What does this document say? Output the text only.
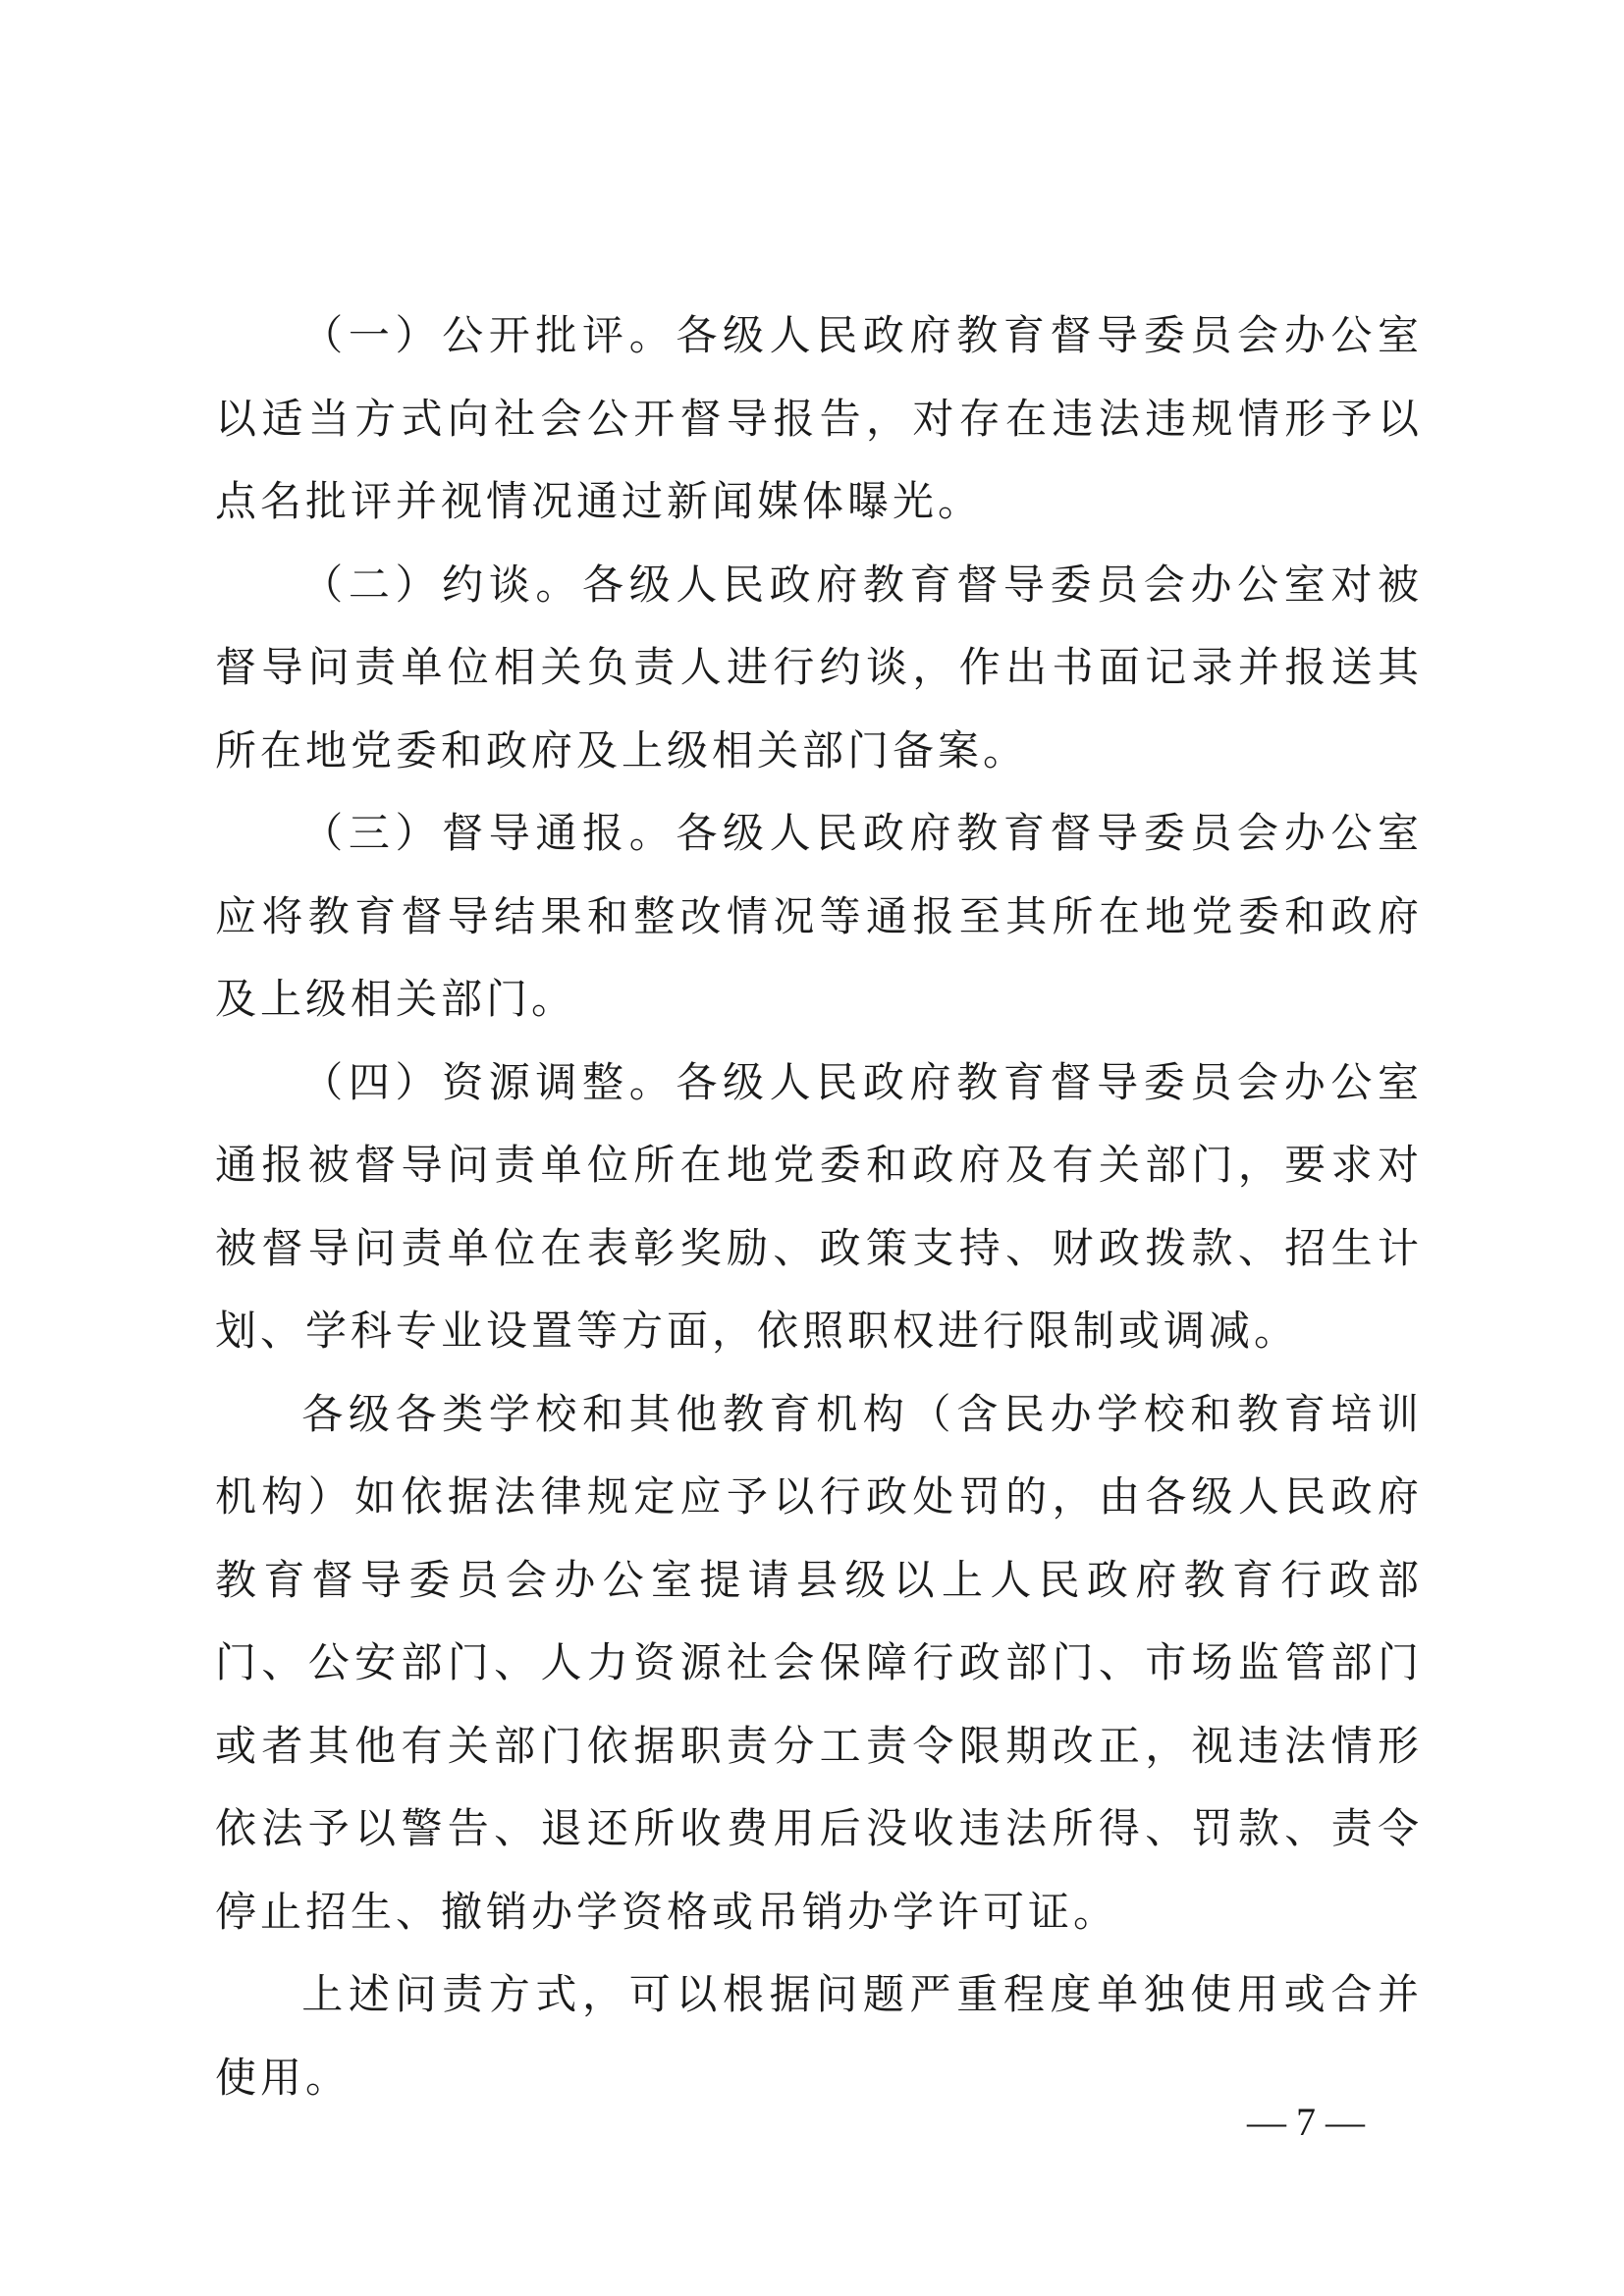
（一）公开批评。各级人民政府教育督导委员会办公室以适当方式向社会公开督导报告，对存在违法违规情形予以点名批评并视情况通过新闻媒体曝光。

（二）约谈。各级人民政府教育督导委员会办公室对被督导问责单位相关负责人进行约谈，作出书面记录并报送其所在地党委和政府及上级相关部门备案。

（三）督导通报。各级人民政府教育督导委员会办公室应将教育督导结果和整改情况等通报至其所在地党委和政府及上级相关部门。

（四）资源调整。各级人民政府教育督导委员会办公室通报被督导问责单位所在地党委和政府及有关部门，要求对被督导问责单位在表彰奖励、政策支持、财政拨款、招生计划、学科专业设置等方面，依照职权进行限制或调减。

各级各类学校和其他教育机构（含民办学校和教育培训机构）如依据法律规定应予以行政处罚的，由各级人民政府教育督导委员会办公室提请县级以上人民政府教育行政部门、公安部门、人力资源社会保障行政部门、市场监管部门或者其他有关部门依据职责分工责令限期改正，视违法情形依法予以警告、退还所收费用后没收违法所得、罚款、责令停止招生、撤销办学资格或吊销办学许可证。

上述问责方式，可以根据问题严重程度单独使用或合并使用。

— 7 —
